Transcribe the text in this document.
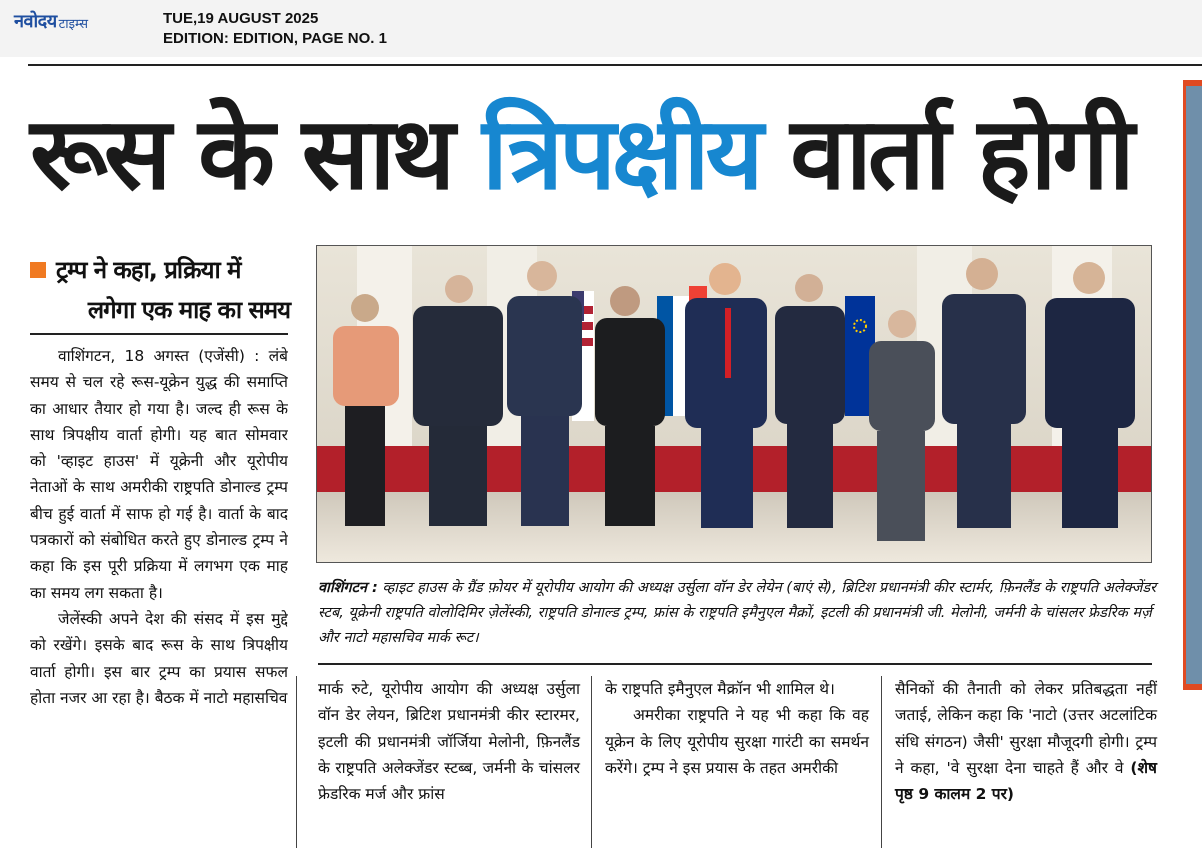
नवोदय टाइम्स	TUE,19 AUGUST 2025
EDITION: EDITION, PAGE NO. 1
रूस के साथ त्रिपक्षीय वार्ता होगी
ट्रम्प ने कहा, प्रक्रिया में
लगेगा एक माह का समय

वाशिंगटन, 18 अगस्त (एजेंसी) : लंबे समय से चल रहे रूस-यूक्रेन युद्ध की समाप्ति का आधार तैयार हो गया है। जल्द ही रूस के साथ त्रिपक्षीय वार्ता होगी। यह बात सोमवार को 'व्हाइट हाउस' में यूक्रेनी और यूरोपीय नेताओं के साथ अमरीकी राष्ट्रपति डोनाल्ड ट्रम्प बीच हुई वार्ता में साफ हो गई है। वार्ता के बाद पत्रकारों को संबोधित करते हुए डोनाल्ड ट्रम्प ने कहा कि इस पूरी प्रक्रिया में लगभग एक माह का समय लग सकता है।

जेलेंस्की अपने देश की संसद में इस मुद्दे को रखेंगे। इसके बाद रूस के साथ त्रिपक्षीय वार्ता होगी। इस बार ट्रम्प का प्रयास सफल होता नजर आ रहा है। बैठक में नाटो महासचिव

वाशिंगटन : व्हाइट हाउस के ग्रैंड फ़ोयर में यूरोपीय आयोग की अध्यक्ष उर्सुला वॉन डेर लेयेन (बाएं से), ब्रिटिश प्रधानमंत्री कीर स्टार्मर, फ़िनलैंड के राष्ट्रपति अलेक्जेंडर स्टब, यूक्रेनी राष्ट्रपति वोलोदिमिर ज़ेलेंस्की, राष्ट्रपति डोनाल्ड ट्रम्प, फ्रांस के राष्ट्रपति इमैनुएल मैक्रों, इटली की प्रधानमंत्री जी. मेलोनी, जर्मनी के चांसलर फ्रेडरिक मर्ज़ और नाटो महासचिव मार्क रूट।

मार्क रुटे, यूरोपीय आयोग की अध्यक्ष उर्सुला वॉन डेर लेयन, ब्रिटिश प्रधानमंत्री कीर स्टारमर, इटली की प्रधानमंत्री जॉर्जिया मेलोनी, फ़िनलैंड के राष्ट्रपति अलेक्जेंडर स्टब्ब, जर्मनी के चांसलर फ्रेडरिक मर्ज और फ्रांस

के राष्ट्रपति इमैनुएल मैक्रॉन भी शामिल थे।

अमरीका राष्ट्रपति ने यह भी कहा कि वह यूक्रेन के लिए यूरोपीय सुरक्षा गारंटी का समर्थन करेंगे। ट्रम्प ने इस प्रयास के तहत अमरीकी

सैनिकों की तैनाती को लेकर प्रतिबद्धता नहीं जताई, लेकिन कहा कि 'नाटो (उत्तर अटलांटिक संधि संगठन) जैसी' सुरक्षा मौजूदगी होगी। ट्रम्प ने कहा, 'वे सुरक्षा देना चाहते हैं और वे (शेष पृष्ठ 9 कालम 2 पर)
